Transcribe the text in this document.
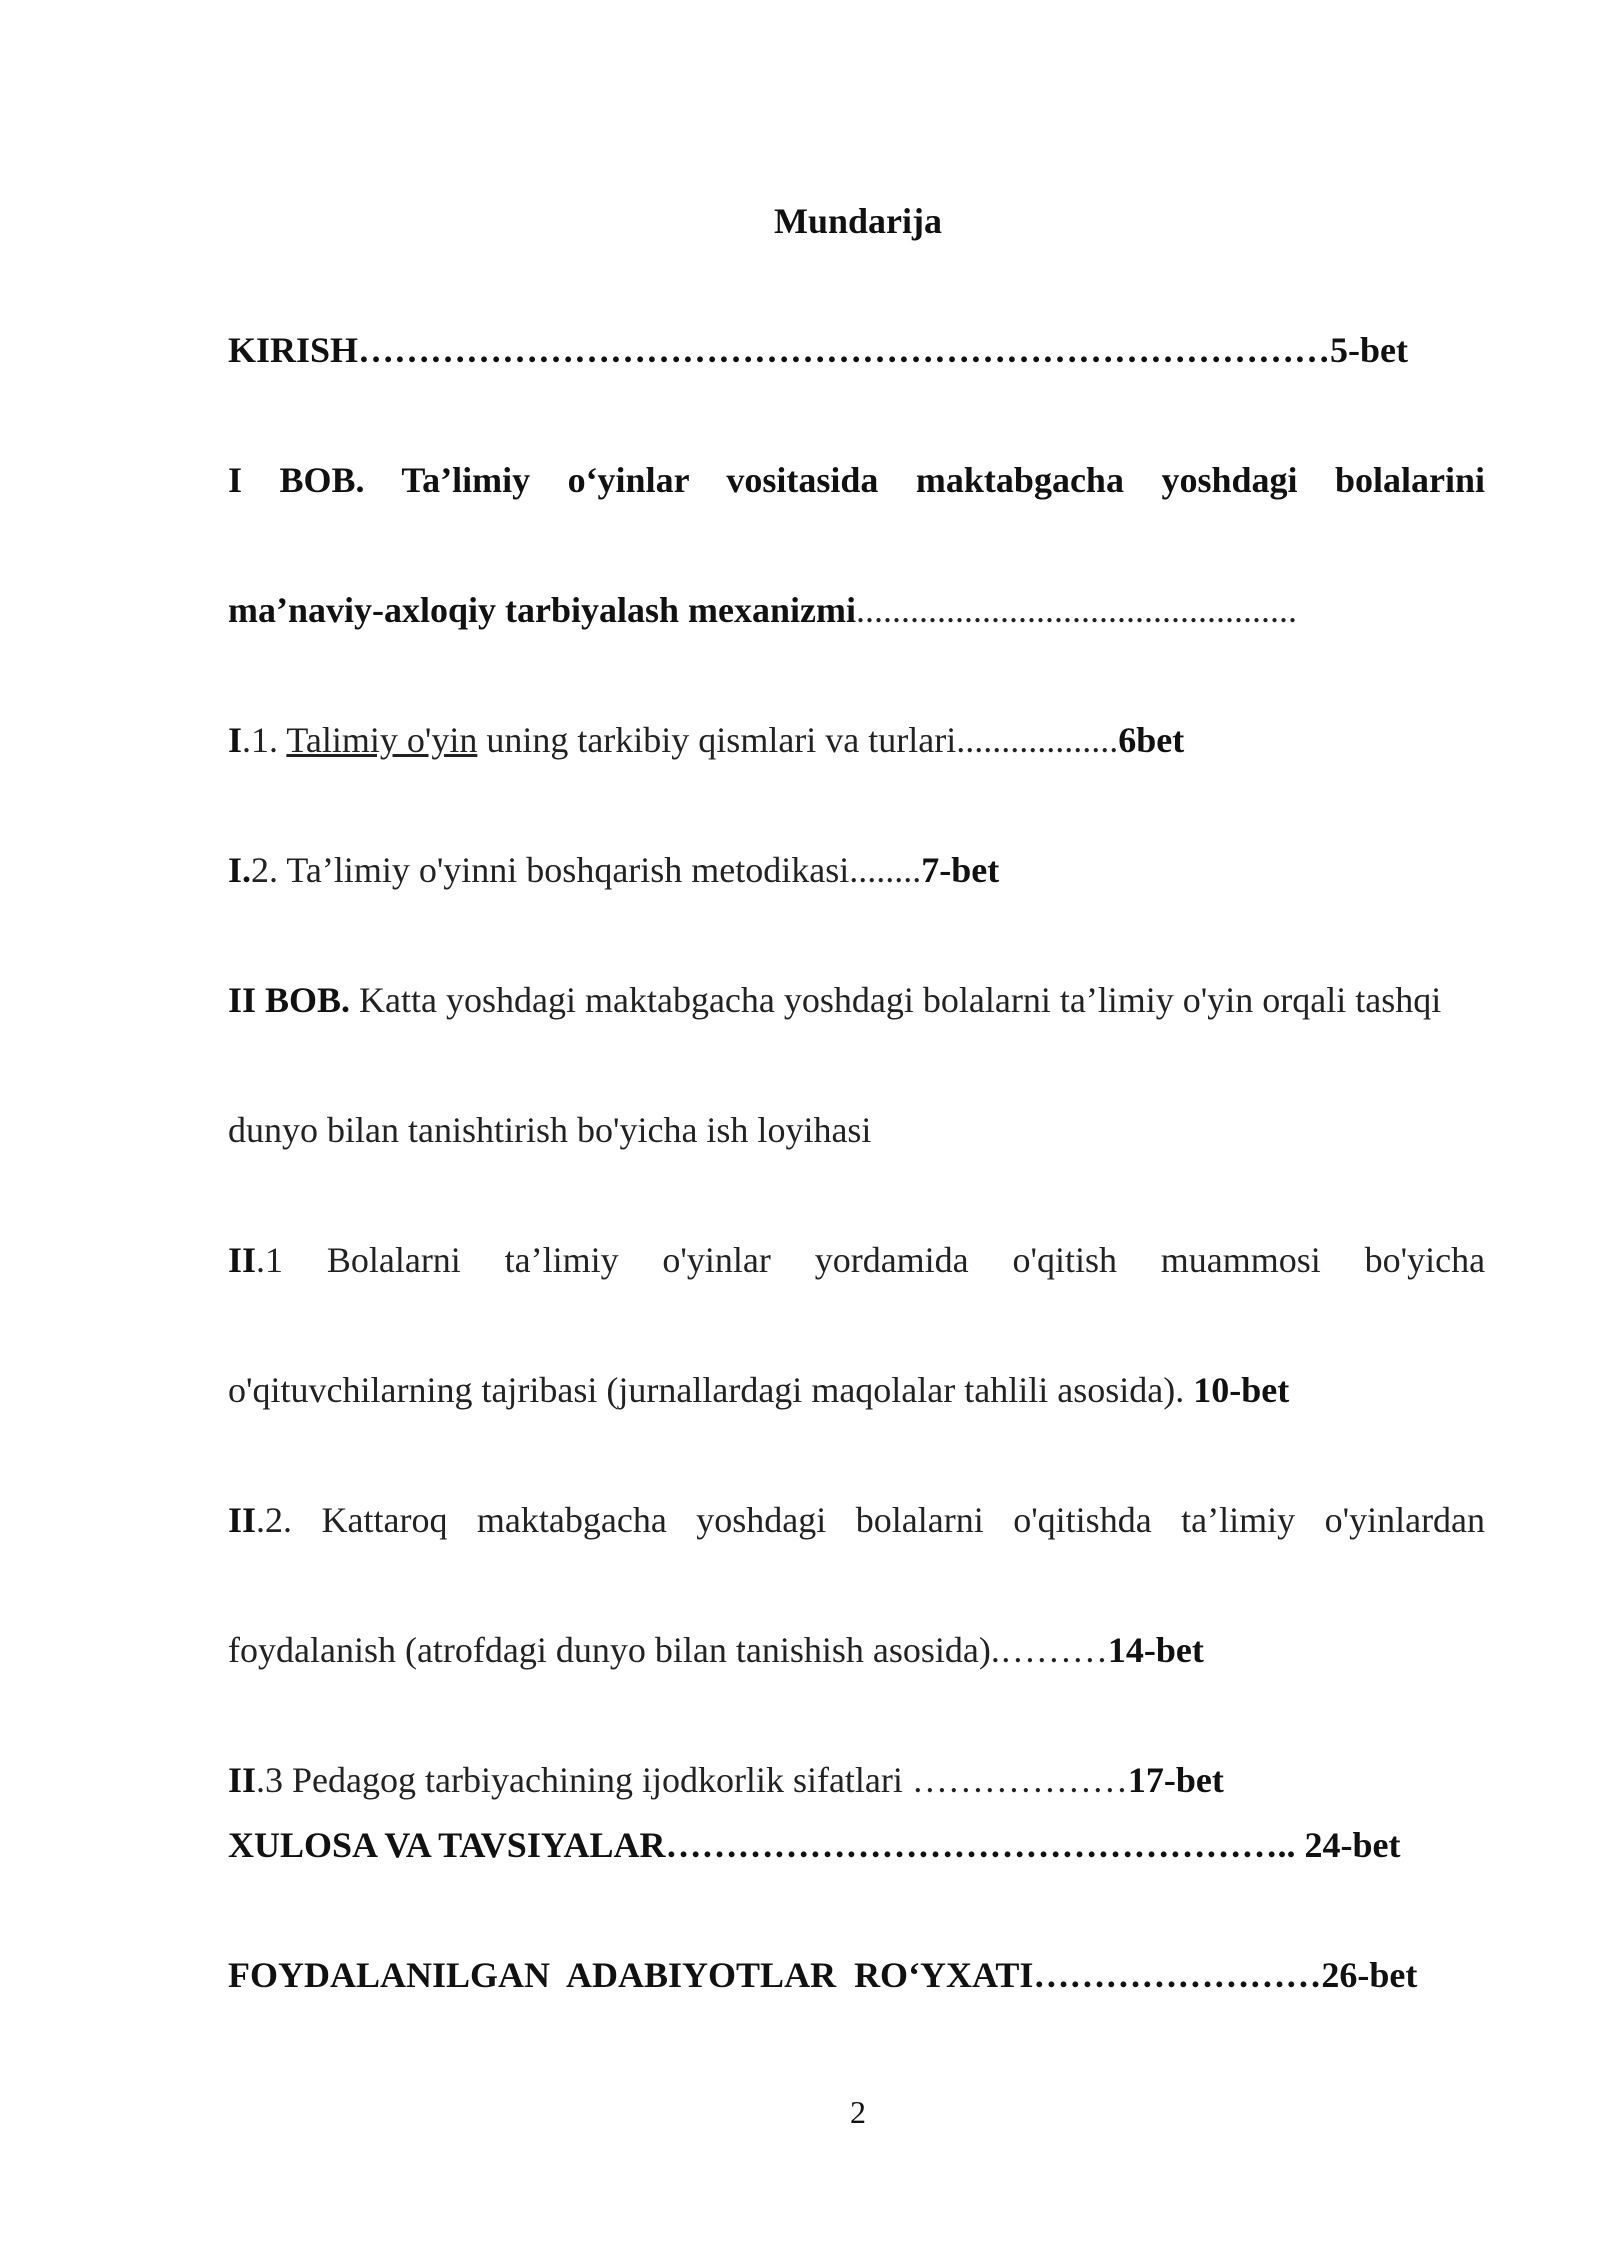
Mundarija
KIRISH………………………………………………………………………5-bet
I BOB. Ta’limiy o‘yinlar vositasida maktabgacha yoshdagi bolalarini
ma’naviy-axloqiy tarbiyalash mexanizmi.................................................
I.1. Talimiy o'yin uning tarkibiy qismlari va turlari..................6bet
I.2. Ta’limiy o'yinni boshqarish metodikasi........7-bet
II BOB. Katta yoshdagi maktabgacha yoshdagi bolalarni ta’limiy o'yin orqali tashqi
dunyo bilan tanishtirish bo'yicha ish loyihasi
II.1 Bolalarni ta’limiy o'yinlar yordamida o'qitish muammosi bo'yicha
o'qituvchilarning tajribasi (jurnallardagi maqolalar tahlili asosida). 10-bet
II.2. Kattaroq maktabgacha yoshdagi bolalarni o'qitishda ta’limiy o'yinlardan
foydalanish (atrofdagi dunyo bilan tanishish asosida).………14-bet
II.3 Pedagog tarbiyachining ijodkorlik sifatlari ………………17-bet
XULOSA VA TAVSIYALAR…………………………………………….. 24-bet
FOYDALANILGAN  ADABIYOTLAR  RO‘YXATI……………………26-bet
2
